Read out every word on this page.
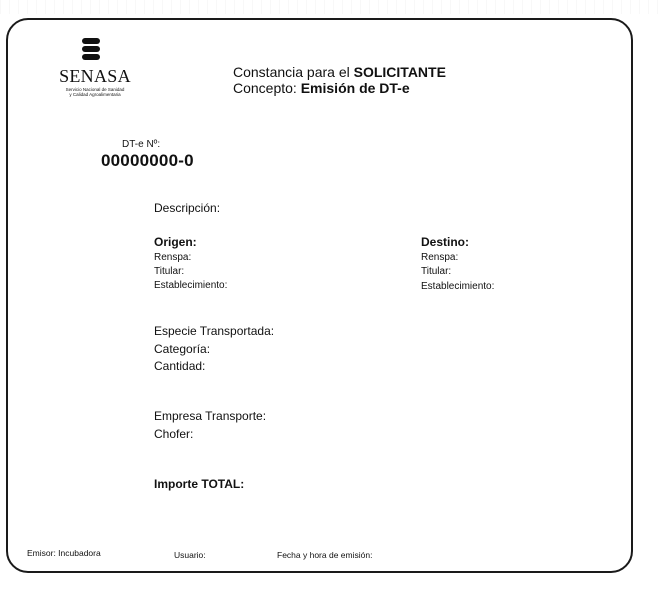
SENASA
Servicio Nacional de Sanidad
y Calidad Agroalimentaria
Constancia para el SOLICITANTE
Concepto: Emisión de DT-e
DT-e Nº:
00000000-0
Descripción:
Origen:
Renspa:
Titular:
Establecimiento:
Destino:
Renspa:
Titular:
Establecimiento:
Especie Transportada:
Categoría:
Cantidad:
Empresa Transporte:
Chofer:
Importe TOTAL:
Emisor: Incubadora	Usuario:	Fecha y hora de emisión:
